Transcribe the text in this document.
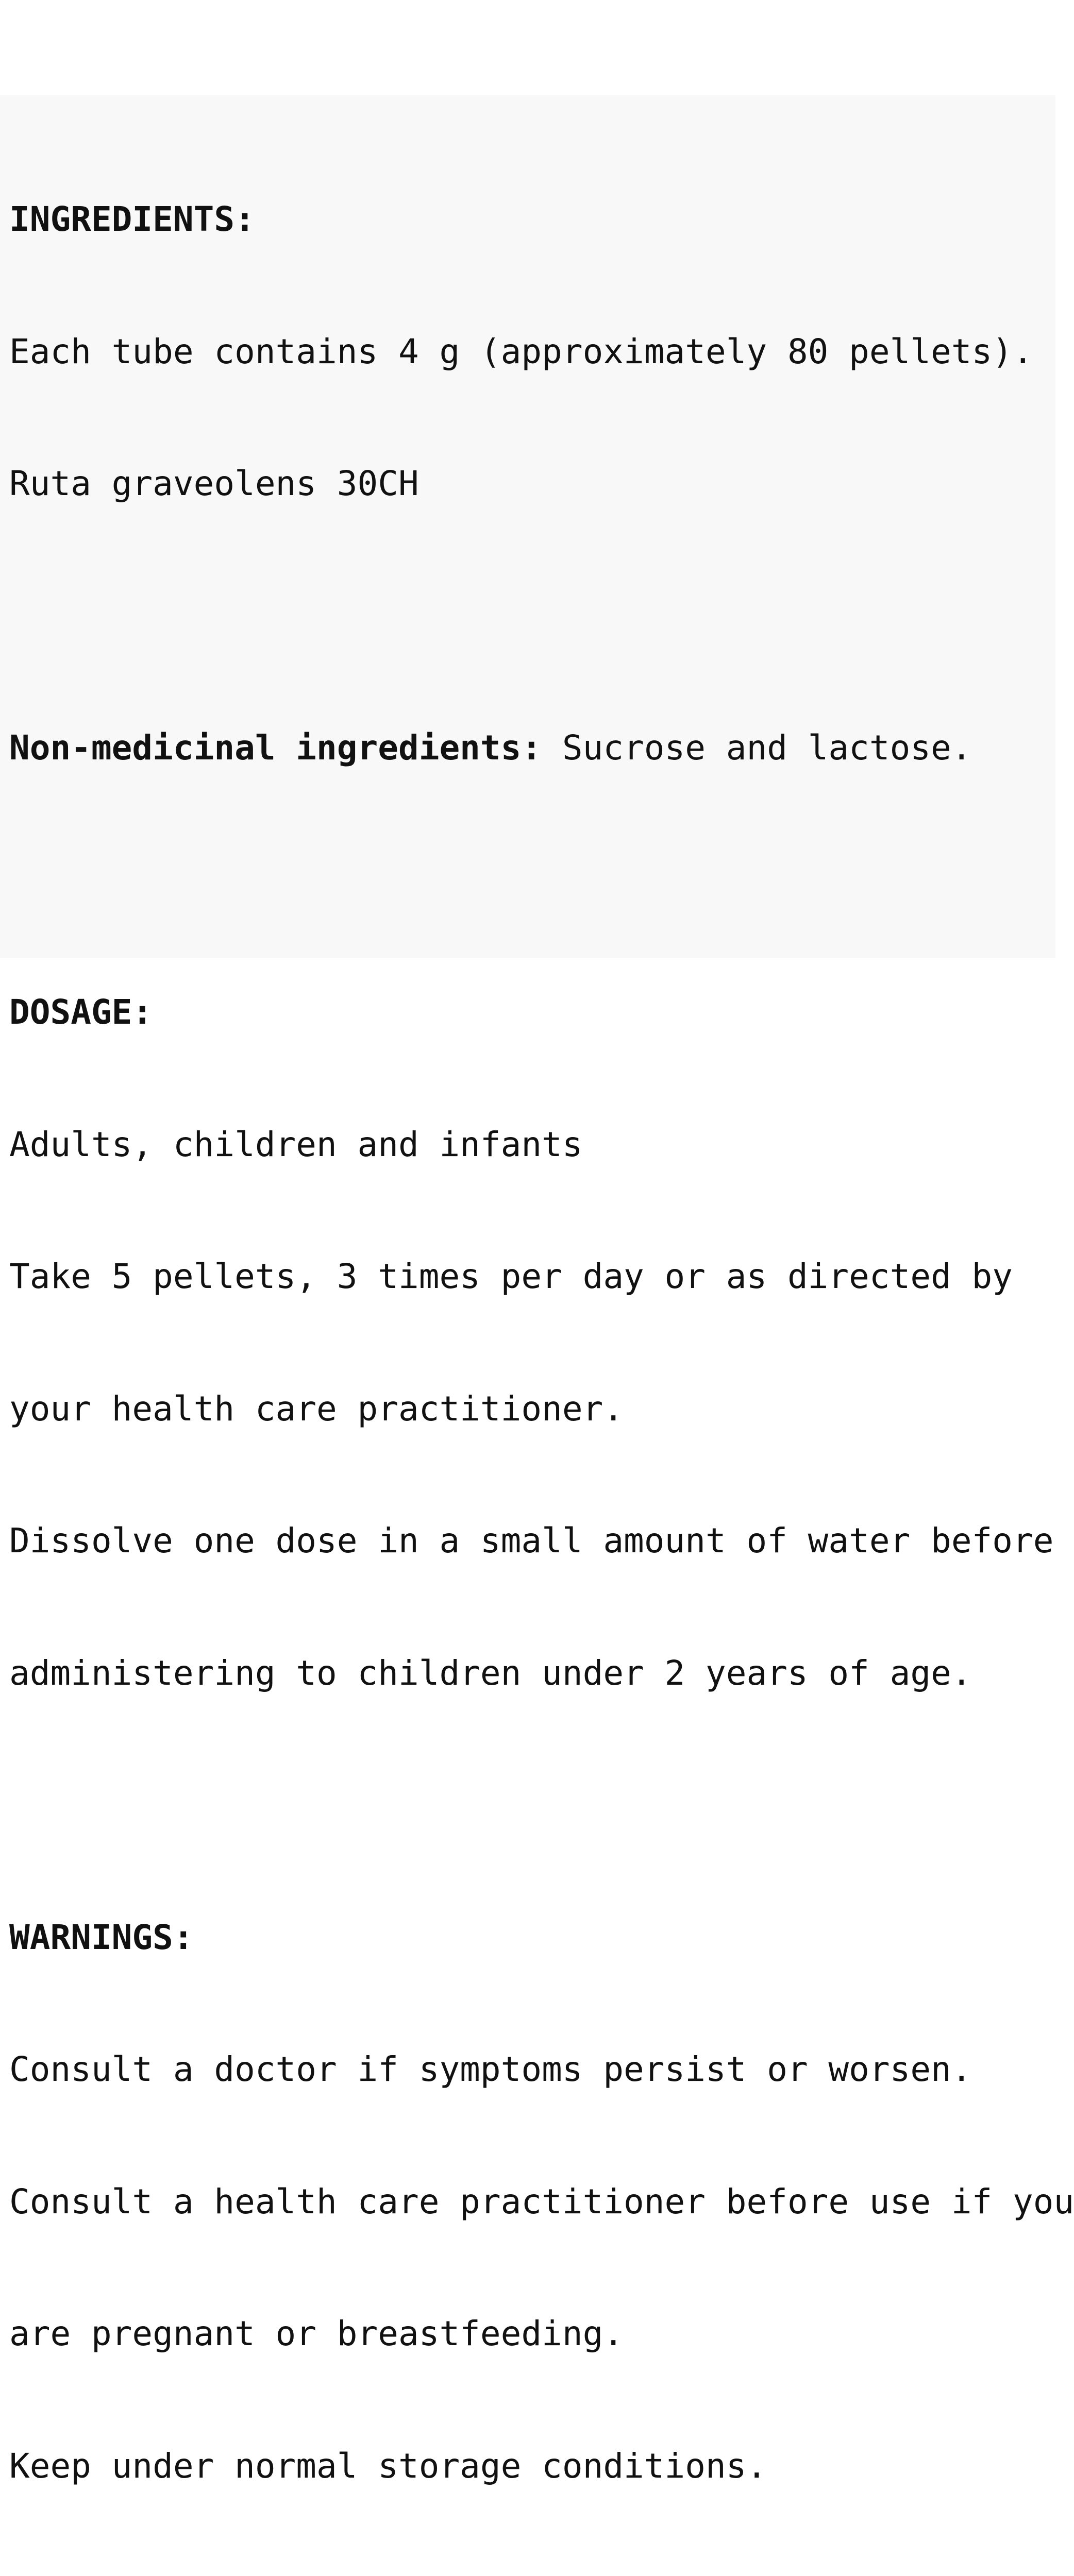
INGREDIENTS:

Each tube contains 4 g (approximately 80 pellets).

Ruta graveolens 30CH

Non-medicinal ingredients: Sucrose and lactose.

DOSAGE:

Adults, children and infants

Take 5 pellets, 3 times per day or as directed by

your health care practitioner.

Dissolve one dose in a small amount of water before

administering to children under 2 years of age.

WARNINGS:

Consult a doctor if symptoms persist or worsen.

Consult a health care practitioner before use if you

are pregnant or breastfeeding.

Keep under normal storage conditions.
